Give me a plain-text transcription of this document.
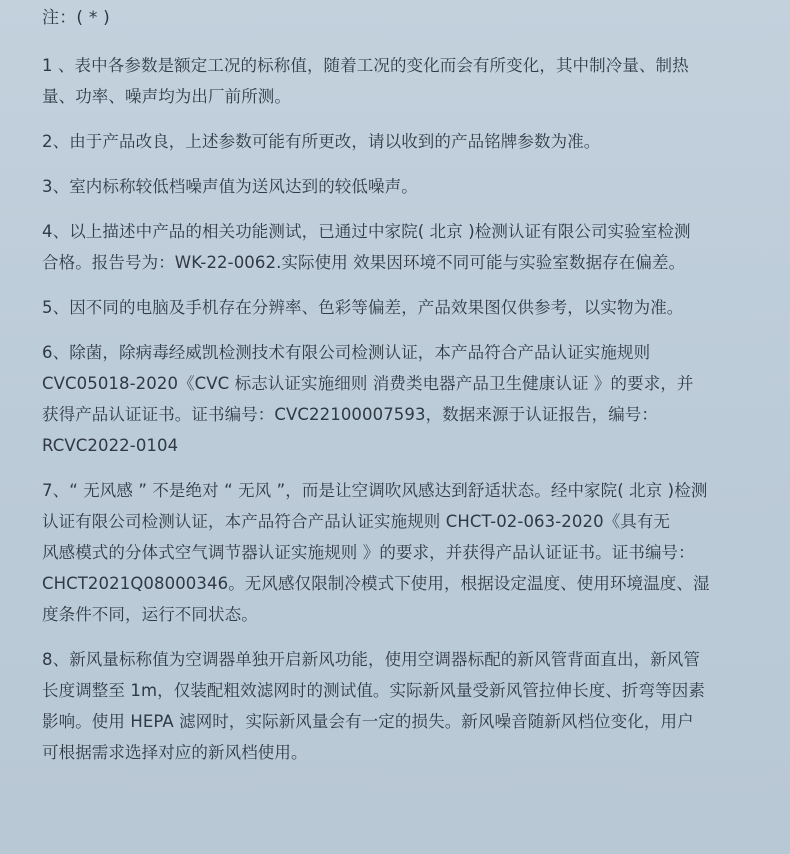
注：( * )

1 、表中各参数是额定工况的标称值，随着工况的变化而会有所变化，其中制冷量、制热
量、功率、噪声均为出厂前所测。

2、由于产品改良，上述参数可能有所更改，请以收到的产品铭牌参数为准。

3、室内标称较低档噪声值为送风达到的较低噪声。

4、以上描述中产品的相关功能测试，已通过中家院( 北京 )检测认证有限公司实验室检测
合格。报告号为：WK-22-0062.实际使用 效果因环境不同可能与实验室数据存在偏差。

5、因不同的电脑及手机存在分辨率、色彩等偏差，产品效果图仅供参考，以实物为准。

6、除菌，除病毒经威凯检测技术有限公司检测认证，本产品符合产品认证实施规则
CVC05018-2020《CVC 标志认证实施细则 消费类电器产品卫生健康认证 》的要求，并
获得产品认证证书。证书编号：CVC22100007593，数据来源于认证报告，编号：
RCVC2022-0104

7、“ 无风感 ” 不是绝对 “ 无风 ”，而是让空调吹风感达到舒适状态。经中家院( 北京 )检测
认证有限公司检测认证，本产品符合产品认证实施规则 CHCT-02-063-2020《具有无
风感模式的分体式空气调节器认证实施规则 》的要求，并获得产品认证证书。证书编号：
CHCT2021Q08000346。无风感仅限制冷模式下使用，根据设定温度、使用环境温度、湿
度条件不同，运行不同状态。

8、新风量标称值为空调器单独开启新风功能，使用空调器标配的新风管背面直出，新风管
长度调整至 1m，仅装配粗效滤网时的测试值。实际新风量受新风管拉伸长度、折弯等因素
影响。使用 HEPA 滤网时，实际新风量会有一定的损失。新风噪音随新风档位变化，用户
可根据需求选择对应的新风档使用。
